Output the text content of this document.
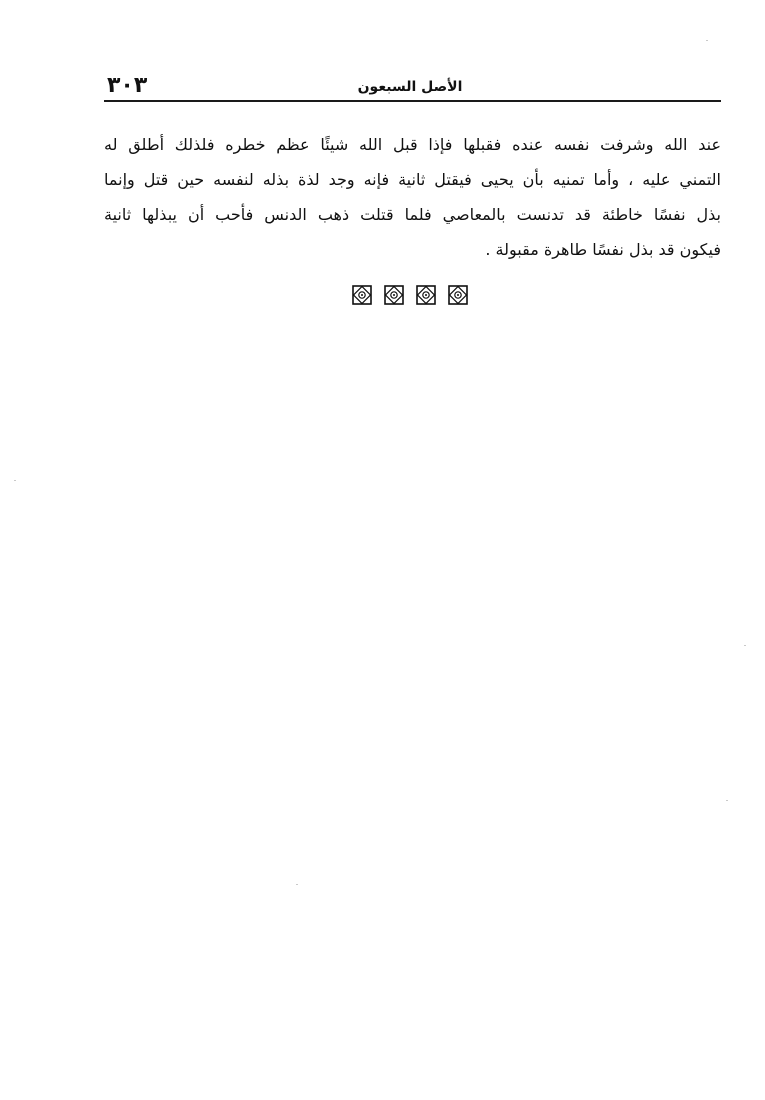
الأصل السبعون
٣٠٣
عند الله وشرفت نفسه عنده فقبلها فإذا قبل الله شيئًا عظم خطره فلذلك أطلق له
التمني عليه ، وأما تمنيه بأن يحيى فيقتل ثانية فإنه وجد لذة بذله لنفسه حين قتل وإنما
بذل نفسًا خاطئة قد تدنست بالمعاصي فلما قتلت ذهب الدنس فأحب أن يبذلها ثانية
فيكون قد بذل نفسًا طاهرة مقبولة .
